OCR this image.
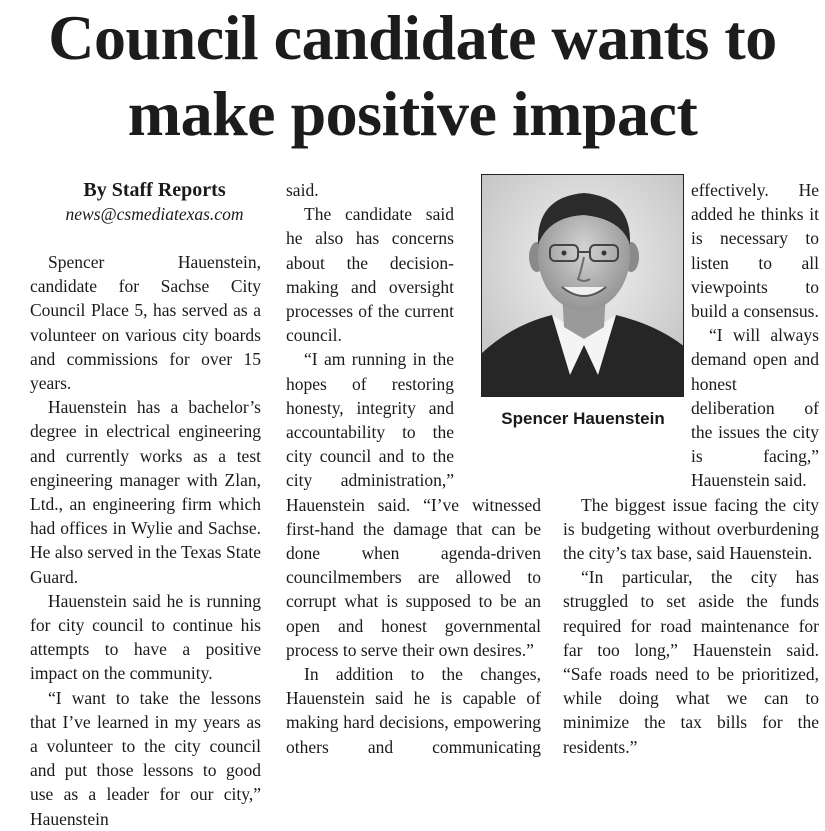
Council candidate wants to
make positive impact

By Staff Reports

news@csmediatexas.com

Spencer Hauenstein, candidate for Sachse City Council Place 5, has served as a volunteer on various city boards and commissions for over 15 years.

Hauenstein has a bachelor’s degree in electrical engineering and currently works as a test engineering manager with Zlan, Ltd., an engineering firm which had offices in Wylie and Sachse. He also served in the Texas State Guard.

Hauenstein said he is running for city council to continue his attempts to have a positive impact on the community.

“I want to take the lessons that I’ve learned in my years as a volunteer to the city council and put those lessons to good use as a leader for our city,” Hauenstein

said.

The candidate said he also has concerns about the decision-making and oversight processes of the current council.

“I am running in the hopes of restoring honesty, integrity and accountability to the city council and to the city administration,” Hauenstein said. “I’ve witnessed first-hand the damage that can be done when agenda-driven councilmembers are allowed to corrupt what is supposed to be an open and honest governmental process to serve their own desires.”

In addition to the changes, Hauenstein said he is capable of making hard decisions, empowering others and communicating

effectively. He added he thinks it is necessary to listen to all viewpoints to build a consensus.

“I will always demand open and honest deliberation of the issues the city is facing,” Hauenstein said.

The biggest issue facing the city is budgeting without overburdening the city’s tax base, said Hauenstein.

“In particular, the city has struggled to set aside the funds required for road maintenance for far too long,” Hauenstein said. “Safe roads need to be prioritized, while doing what we can to minimize the tax bills for the residents.”

Spencer Hauenstein
